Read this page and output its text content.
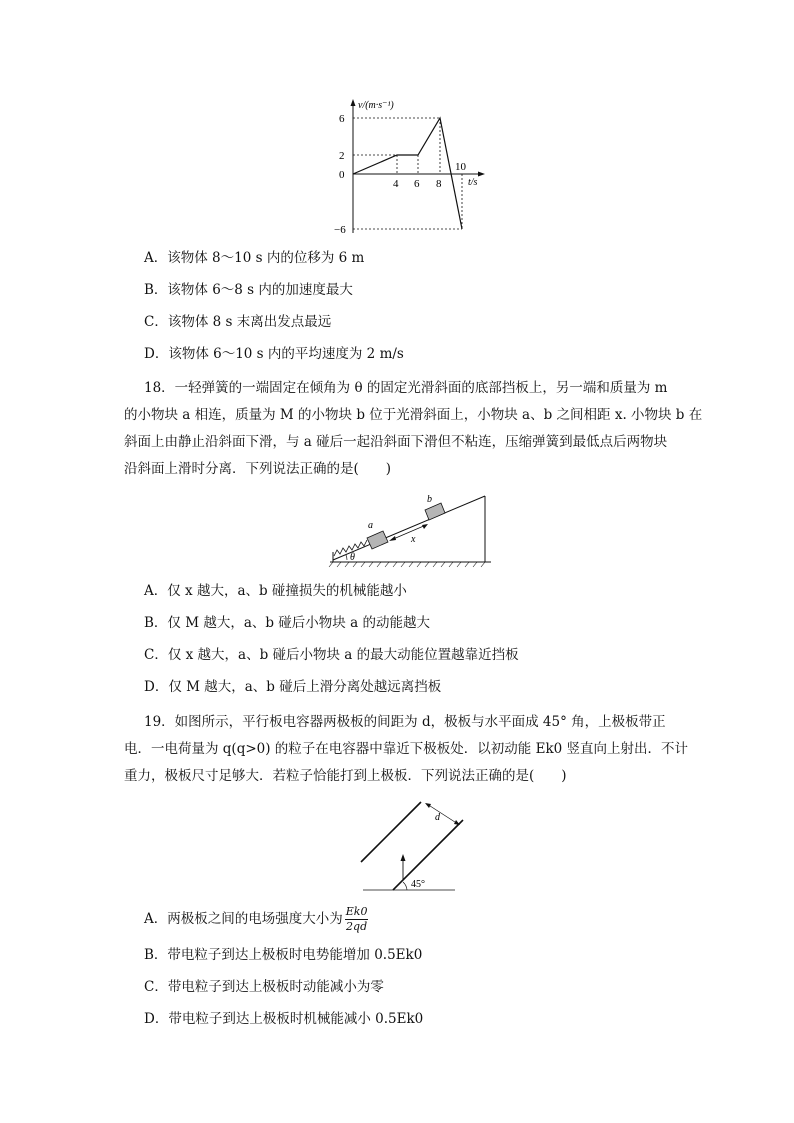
v/(m·s⁻¹)
6
2
0
−6
4 6 8
10
t/s
A．该物体 8～10 s 内的位移为 6 m
B．该物体 6～8 s 内的加速度最大
C．该物体 8 s 末离出发点最远
D．该物体 6～10 s 内的平均速度为 2 m/s
18．一轻弹簧的一端固定在倾角为 θ 的固定光滑斜面的底部挡板上，另一端和质量为 m
的小物块 a 相连，质量为 M 的小物块 b 位于光滑斜面上，小物块 a、b 之间相距 x. 小物块 b 在
斜面上由静止沿斜面下滑，与 a 碰后一起沿斜面下滑但不粘连，压缩弹簧到最低点后两物块
沿斜面上滑时分离．下列说法正确的是(　　)
a
b
x
θ
A．仅 x 越大，a、b 碰撞损失的机械能越小
B．仅 M 越大，a、b 碰后小物块 a 的动能越大
C．仅 x 越大，a、b 碰后小物块 a 的最大动能位置越靠近挡板
D．仅 M 越大，a、b 碰后上滑分离处越远离挡板
19．如图所示，平行板电容器两极板的间距为 d，极板与水平面成 45° 角，上极板带正
电．一电荷量为 q(q>0) 的粒子在电容器中靠近下极板处．以初动能 Ek0 竖直向上射出．不计
重力，极板尺寸足够大．若粒子恰能打到上极板．下列说法正确的是(　　)
d
45°
A．两极板之间的电场强度大小为 $\frac{Ek0}{2qd}$
B．带电粒子到达上极板时电势能增加 0.5Ek0
C．带电粒子到达上极板时动能减小为零
D．带电粒子到达上极板时机械能减小 0.5Ek0
